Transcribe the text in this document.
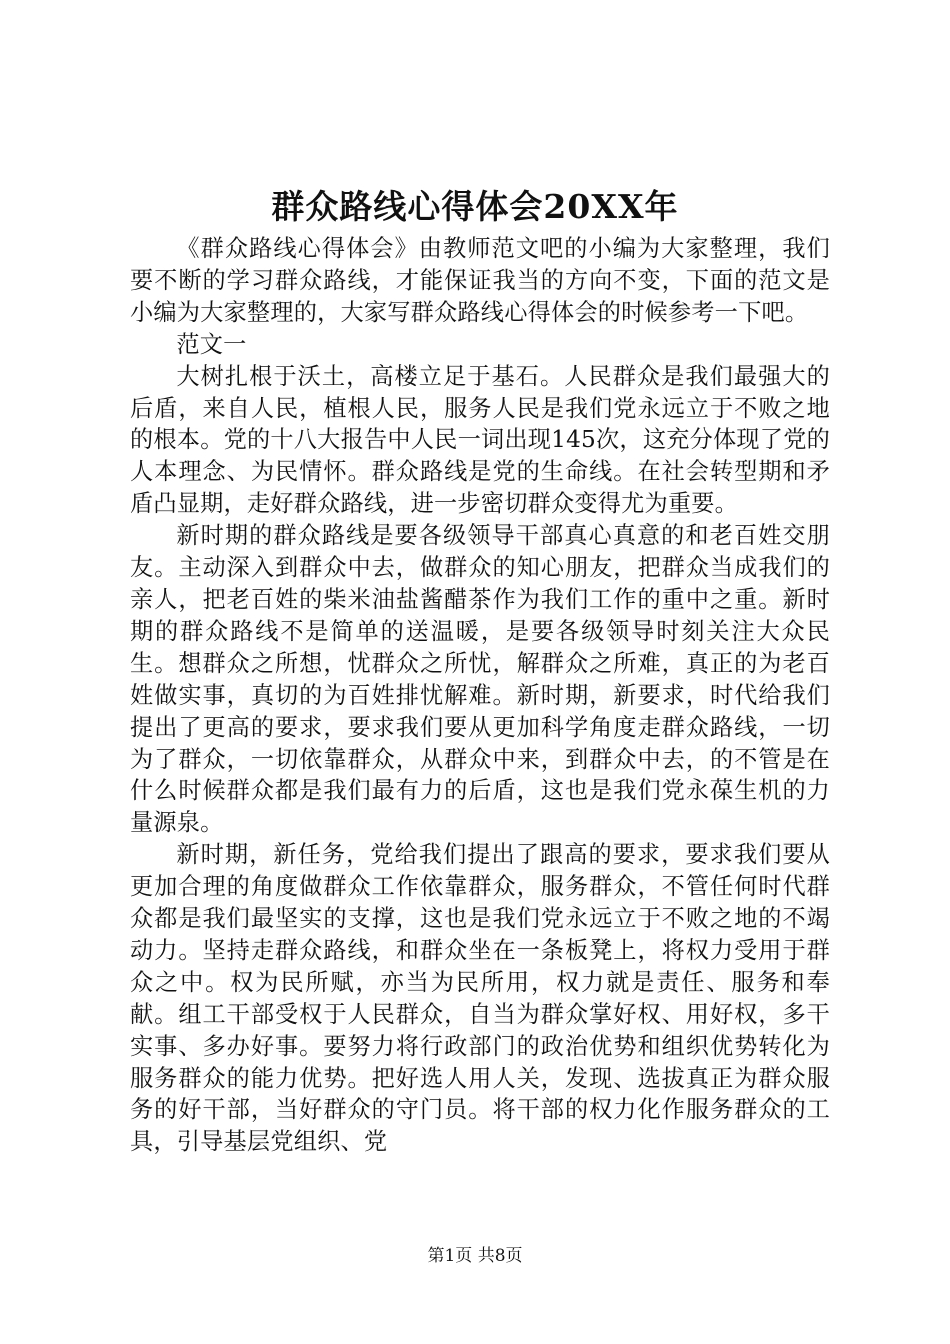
群众路线心得体会20XX年

《群众路线心得体会》由教师范文吧的小编为大家整理，我们要不断的学习群众路线，才能保证我当的方向不变，下面的范文是小编为大家整理的，大家写群众路线心得体会的时候参考一下吧。

范文一

大树扎根于沃土，高楼立足于基石。人民群众是我们最强大的后盾，来自人民，植根人民，服务人民是我们党永远立于不败之地的根本。党的十八大报告中人民一词出现145次，这充分体现了党的人本理念、为民情怀。群众路线是党的生命线。在社会转型期和矛盾凸显期，走好群众路线，进一步密切群众变得尤为重要。

新时期的群众路线是要各级领导干部真心真意的和老百姓交朋友。主动深入到群众中去，做群众的知心朋友，把群众当成我们的亲人，把老百姓的柴米油盐酱醋茶作为我们工作的重中之重。新时期的群众路线不是简单的送温暖，是要各级领导时刻关注大众民生。想群众之所想，忧群众之所忧，解群众之所难，真正的为老百姓做实事，真切的为百姓排忧解难。新时期，新要求，时代给我们提出了更高的要求，要求我们要从更加科学角度走群众路线，一切为了群众，一切依靠群众，从群众中来，到群众中去，的不管是在什么时候群众都是我们最有力的后盾，这也是我们党永葆生机的力量源泉。

新时期，新任务，党给我们提出了跟高的要求，要求我们要从更加合理的角度做群众工作依靠群众，服务群众，不管任何时代群众都是我们最坚实的支撑，这也是我们党永远立于不败之地的不竭动力。坚持走群众路线，和群众坐在一条板凳上，将权力受用于群众之中。权为民所赋，亦当为民所用，权力就是责任、服务和奉献。组工干部受权于人民群众，自当为群众掌好权、用好权，多干实事、多办好事。要努力将行政部门的政治优势和组织优势转化为服务群众的能力优势。把好选人用人关，发现、选拔真正为群众服务的好干部，当好群众的守门员。将干部的权力化作服务群众的工具，引导基层党组织、党

第1页 共8页
